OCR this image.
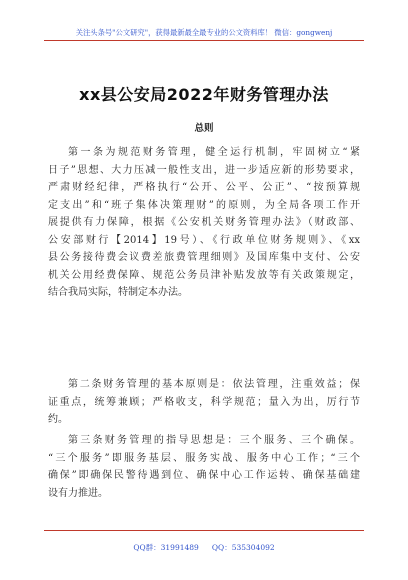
关注头条号"公文研究"，获得最新最全最专业的公文资料库！ 微信：gongwenj
xx县公安局2022年财务管理办法
总则
第一条为规范财务管理，健全运行机制，牢固树立“紧
日子”思想、大力压减一般性支出，进一步适应新的形势要求，
严肃财经纪律，严格执行“公开、公平、公正”、“按预算规
定支出”和“班子集体决策理财”的原则，为全局各项工作开
展提供有力保障，根据《公安机关财务管理办法》（财政部、
公安部财行【2014】19号）、《行政单位财务规则》、《xx
县公务接待费会议费差旅费管理细则》及国库集中支付、公安
机关公用经费保障、规范公务员津补贴发放等有关政策规定，
结合我局实际，特制定本办法。
第二条财务管理的基本原则是：依法管理，注重效益；保
证重点，统筹兼顾；严格收支，科学规范；量入为出，厉行节
约。
第三条财务管理的指导思想是：三个服务、三个确保。
“三个服务”即服务基层、服务实战、服务中心工作；“三个
确保”即确保民警待遇到位、确保中心工作运转、确保基础建
设有力推进。
QQ群：31991489 QQ：535304092
